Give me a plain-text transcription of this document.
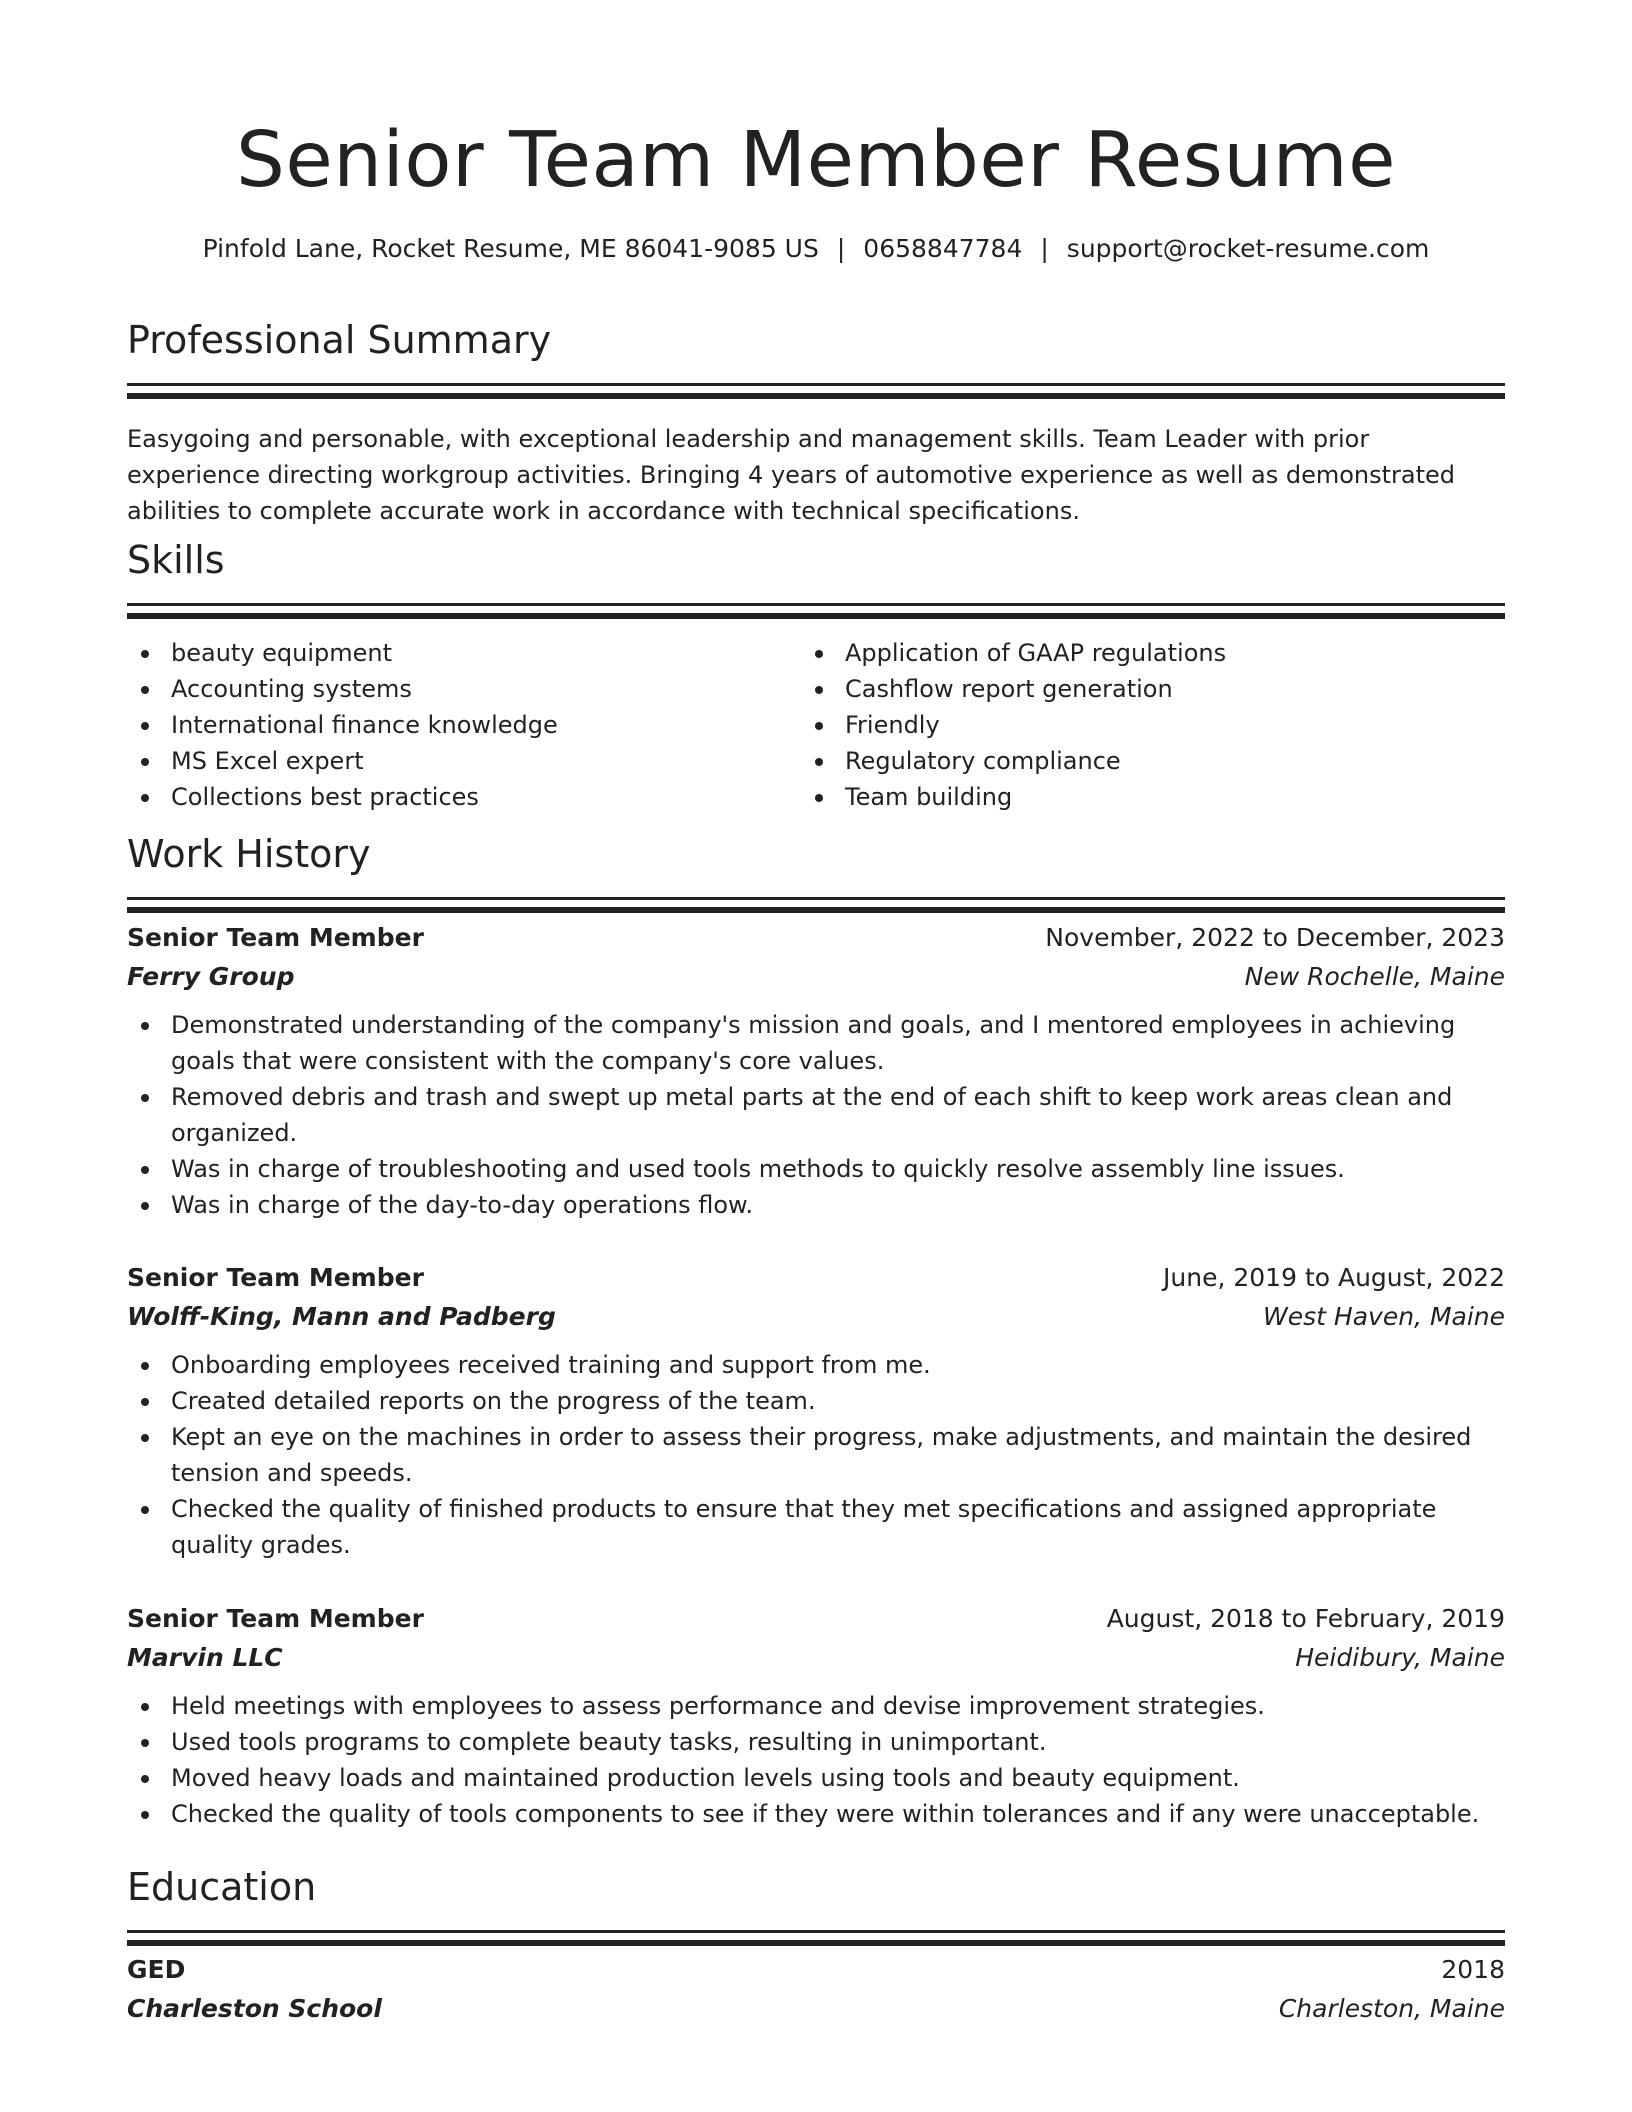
Senior Team Member Resume
Pinfold Lane, Rocket Resume, ME 86041-9085 US | 0658847784 | support@rocket-resume.com
Professional Summary
Easygoing and personable, with exceptional leadership and management skills. Team Leader with prior experience directing workgroup activities. Bringing 4 years of automotive experience as well as demonstrated abilities to complete accurate work in accordance with technical specifications.
Skills
beauty equipment
Accounting systems
International finance knowledge
MS Excel expert
Collections best practices
Application of GAAP regulations
Cashflow report generation
Friendly
Regulatory compliance
Team building
Work History
Senior Team Member	November, 2022 to December, 2023
Ferry Group	New Rochelle, Maine
Demonstrated understanding of the company's mission and goals, and I mentored employees in achieving goals that were consistent with the company's core values.
Removed debris and trash and swept up metal parts at the end of each shift to keep work areas clean and organized.
Was in charge of troubleshooting and used tools methods to quickly resolve assembly line issues.
Was in charge of the day-to-day operations flow.
Senior Team Member	June, 2019 to August, 2022
Wolff-King, Mann and Padberg	West Haven, Maine
Onboarding employees received training and support from me.
Created detailed reports on the progress of the team.
Kept an eye on the machines in order to assess their progress, make adjustments, and maintain the desired tension and speeds.
Checked the quality of finished products to ensure that they met specifications and assigned appropriate quality grades.
Senior Team Member	August, 2018 to February, 2019
Marvin LLC	Heidibury, Maine
Held meetings with employees to assess performance and devise improvement strategies.
Used tools programs to complete beauty tasks, resulting in unimportant.
Moved heavy loads and maintained production levels using tools and beauty equipment.
Checked the quality of tools components to see if they were within tolerances and if any were unacceptable.
Education
GED	2018
Charleston School	Charleston, Maine
